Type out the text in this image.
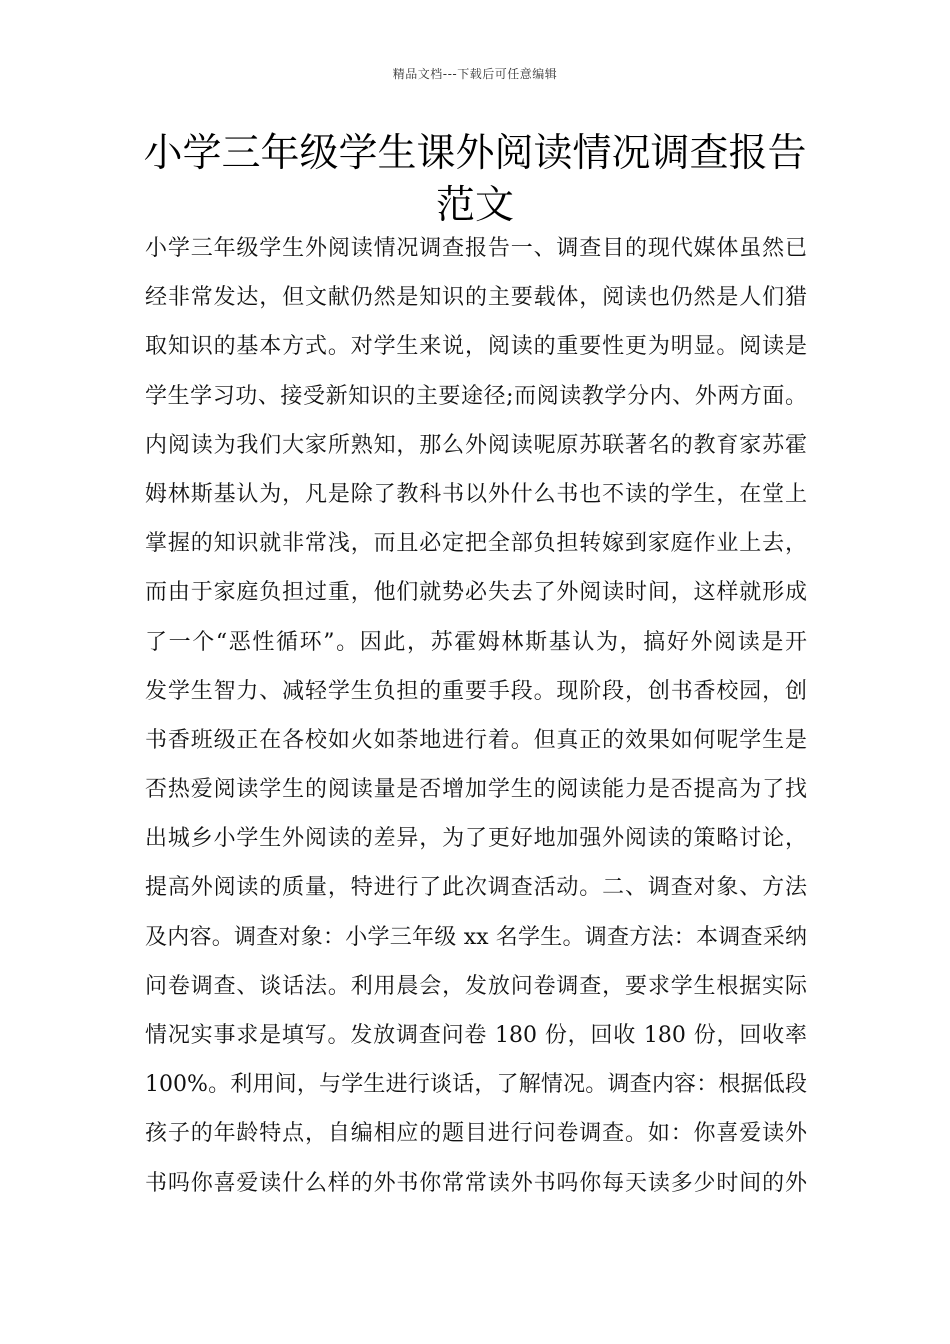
精品文档---下载后可任意编辑
小学三年级学生课外阅读情况调查报告
范文
小学三年级学生外阅读情况调查报告一、调查目的现代媒体虽然已
经非常发达，但文献仍然是知识的主要载体，阅读也仍然是人们猎
取知识的基本方式。对学生来说，阅读的重要性更为明显。阅读是
学生学习功、接受新知识的主要途径;而阅读教学分内、外两方面。
内阅读为我们大家所熟知，那么外阅读呢原苏联著名的教育家苏霍
姆林斯基认为，凡是除了教科书以外什么书也不读的学生，在堂上
掌握的知识就非常浅，而且必定把全部负担转嫁到家庭作业上去，
而由于家庭负担过重，他们就势必失去了外阅读时间，这样就形成
了一个“恶性循环”。因此，苏霍姆林斯基认为，搞好外阅读是开
发学生智力、减轻学生负担的重要手段。现阶段，创书香校园，创
书香班级正在各校如火如荼地进行着。但真正的效果如何呢学生是
否热爱阅读学生的阅读量是否增加学生的阅读能力是否提高为了找
出城乡小学生外阅读的差异，为了更好地加强外阅读的策略讨论，
提高外阅读的质量，特进行了此次调查活动。二、调查对象、方法
及内容。调查对象：小学三年级 xx 名学生。调查方法：本调查采纳
问卷调查、谈话法。利用晨会，发放问卷调查，要求学生根据实际
情况实事求是填写。发放调查问卷 180 份，回收 180 份，回收率
100%。利用间，与学生进行谈话，了解情况。调查内容：根据低段
孩子的年龄特点，自编相应的题目进行问卷调查。如：你喜爱读外
书吗你喜爱读什么样的外书你常常读外书吗你每天读多少时间的外
